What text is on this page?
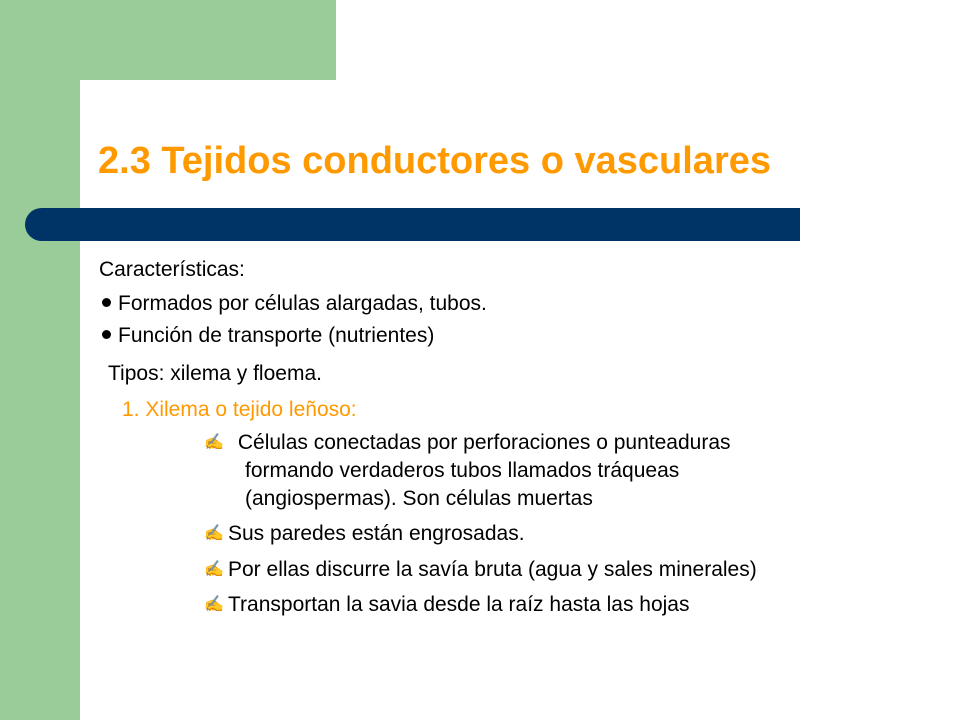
2.3 Tejidos conductores o vasculares
Características:
Formados por células alargadas, tubos.
Función de transporte (nutrientes)
Tipos: xilema y floema.
1. Xilema o tejido leñoso:
✍ Células conectadas por perforaciones o punteaduras
formando verdaderos tubos llamados tráqueas
(angiospermas). Son células muertas
✍ Sus paredes están engrosadas.
✍ Por ellas discurre la savía bruta (agua y sales minerales)
✍ Transportan la savia desde la raíz hasta las hojas
